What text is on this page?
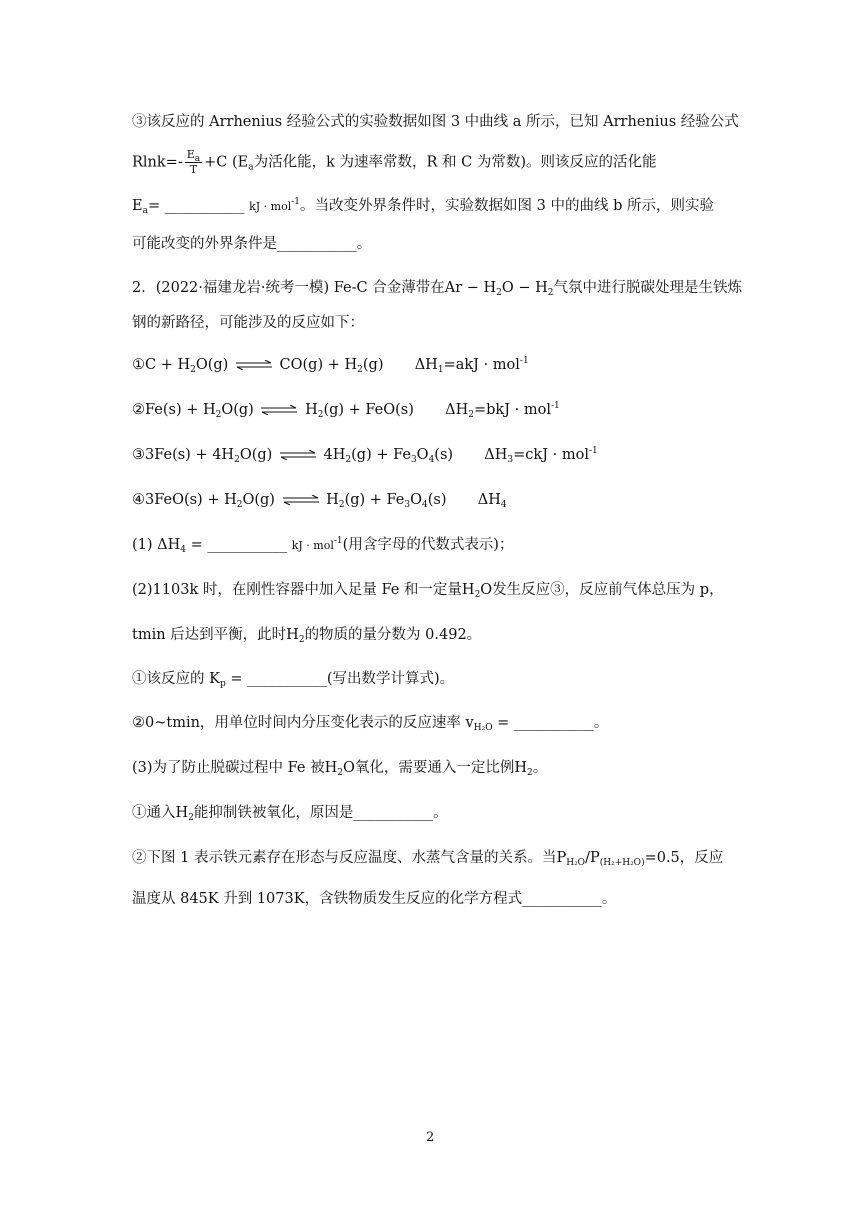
③该反应的 Arrhenius 经验公式的实验数据如图 3 中曲线 a 所示，已知 Arrhenius 经验公式
$Rlnk=- \frac{E_a}{T} +C$ ($E_a$为活化能，k 为速率常数，R 和 C 为常数)。则该反应的活化能
$E_a=$ ___________ kJ · mol$^{-1}$。当改变外界条件时，实验数据如图 3 中的曲线 b 所示，则实验
可能改变的外界条件是___________。
2．(2022·福建龙岩·统考一模) Fe-C 合金薄带在$Ar - H_2O - H_2$气氛中进行脱碳处理是生铁炼
钢的新路径，可能涉及的反应如下：
①C + $H_2O(g)$ ⇌ $CO(g) + H_2(g) \Delta H_1=akJ \cdot mol^{-1}$
②Fe(s) + $H_2O(g)$ ⇌ $H_2(g) + FeO(s) \Delta H_2=bkJ \cdot mol^{-1}$
③3Fe(s) + $4H_2O(g)$ ⇌ $4H_2(g) + Fe_3O_4(s) \Delta H_3=ckJ \cdot mol^{-1}$
④3FeO(s) + $H_2O(g)$ ⇌ $H_2(g) + Fe_3O_4(s)$ $\Delta H_4$
(1) $\Delta H_4$ = ___________ kJ · mol$^{-1}$(用含字母的代数式表示)；
(2)1103k 时，在刚性容器中加入足量 Fe 和一定量$H_2O$发生反应③，反应前气体总压为 p，
tmin 后达到平衡，此时$H_2$的物质的量分数为 0.492。
①该反应的 $K_p$ = ___________(写出数学计算式)。
②0~tmin，用单位时间内分压变化表示的反应速率 $v_{H_2O}$ = ___________。
(3)为了防止脱碳过程中 Fe 被$H_2O$氧化，需要通入一定比例$H_2$。
①通入$H_2$能抑制铁被氧化，原因是___________。
②下图 1 表示铁元素存在形态与反应温度、水蒸气含量的关系。当$P_{H_2O}/P_{(H_2+H_2O)}=0.5$，反应
温度从 845K 升到 1073K，含铁物质发生反应的化学方程式___________。
2
